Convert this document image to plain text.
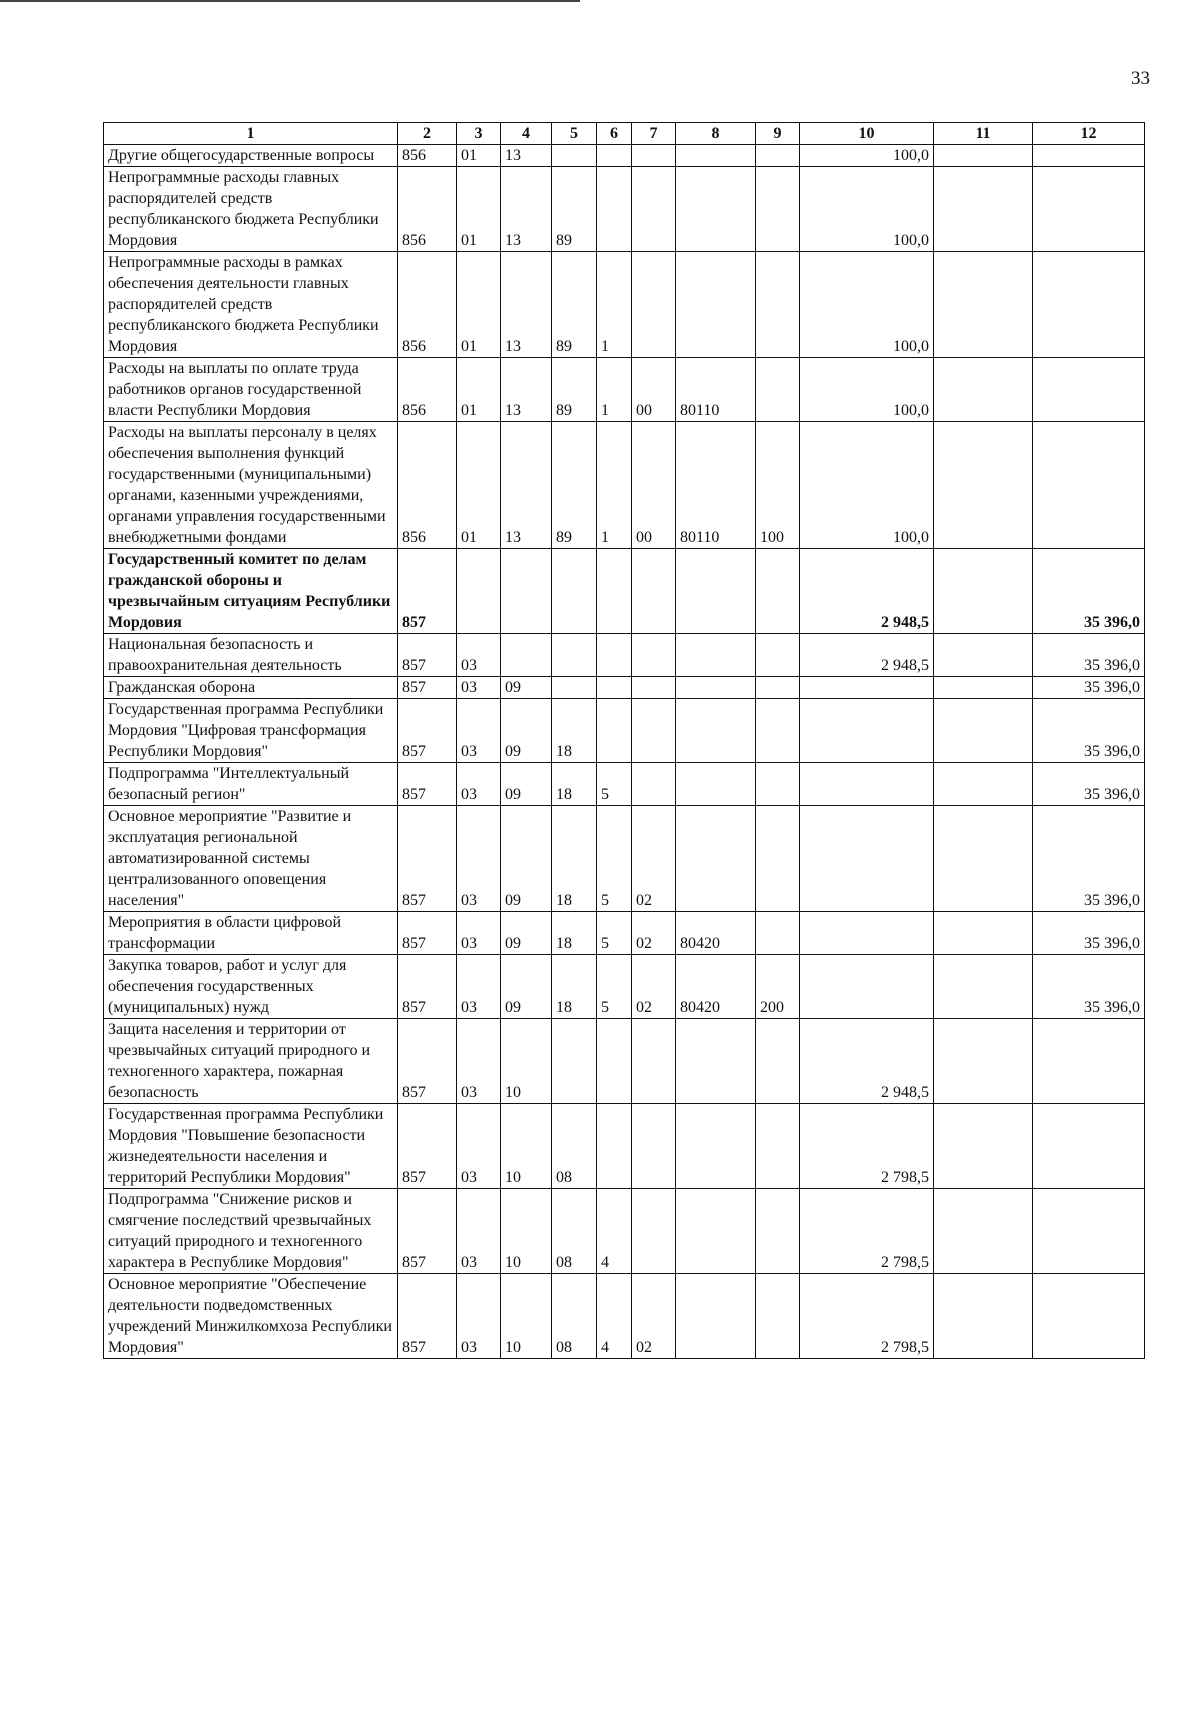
33
1	2	3	4	5	6	7	8	9	10	11	12
Другие общегосударственные вопросы	856	01	13						100,0		
Непрограммные расходы главных распорядителей средств республиканского бюджета Республики Мордовия	856	01	13	89					100,0		
Непрограммные расходы в рамках обеспечения деятельности главных распорядителей средств республиканского бюджета Республики Мордовия	856	01	13	89	1				100,0		
Расходы на выплаты по оплате труда работников органов государственной власти Республики Мордовия	856	01	13	89	1	00	80110		100,0		
Расходы на выплаты персоналу в целях обеспечения выполнения функций государственными (муниципальными) органами, казенными учреждениями, органами управления государственными внебюджетными фондами	856	01	13	89	1	00	80110	100	100,0		
Государственный комитет по делам гражданской обороны и чрезвычайным ситуациям Республики Мордовия	857								2 948,5		35 396,0
Национальная безопасность и правоохранительная деятельность	857	03							2 948,5		35 396,0
Гражданская оборона	857	03	09								35 396,0
Государственная программа Республики Мордовия "Цифровая трансформация Республики Мордовия"	857	03	09	18							35 396,0
Подпрограмма "Интеллектуальный безопасный регион"	857	03	09	18	5						35 396,0
Основное мероприятие "Развитие и эксплуатация региональной автоматизированной системы централизованного оповещения населения"	857	03	09	18	5	02					35 396,0
Мероприятия в области цифровой трансформации	857	03	09	18	5	02	80420				35 396,0
Закупка товаров, работ и услуг для обеспечения государственных (муниципальных) нужд	857	03	09	18	5	02	80420	200			35 396,0
Защита населения и территории от чрезвычайных ситуаций природного и техногенного характера, пожарная безопасность	857	03	10						2 948,5		
Государственная программа Республики Мордовия "Повышение безопасности жизнедеятельности населения и территорий Республики Мордовия"	857	03	10	08					2 798,5		
Подпрограмма "Снижение рисков и смягчение последствий чрезвычайных ситуаций природного и техногенного характера в Республике Мордовия"	857	03	10	08	4				2 798,5		
Основное мероприятие "Обеспечение деятельности подведомственных учреждений Минжилкомхоза Республики Мордовия"	857	03	10	08	4	02			2 798,5		
